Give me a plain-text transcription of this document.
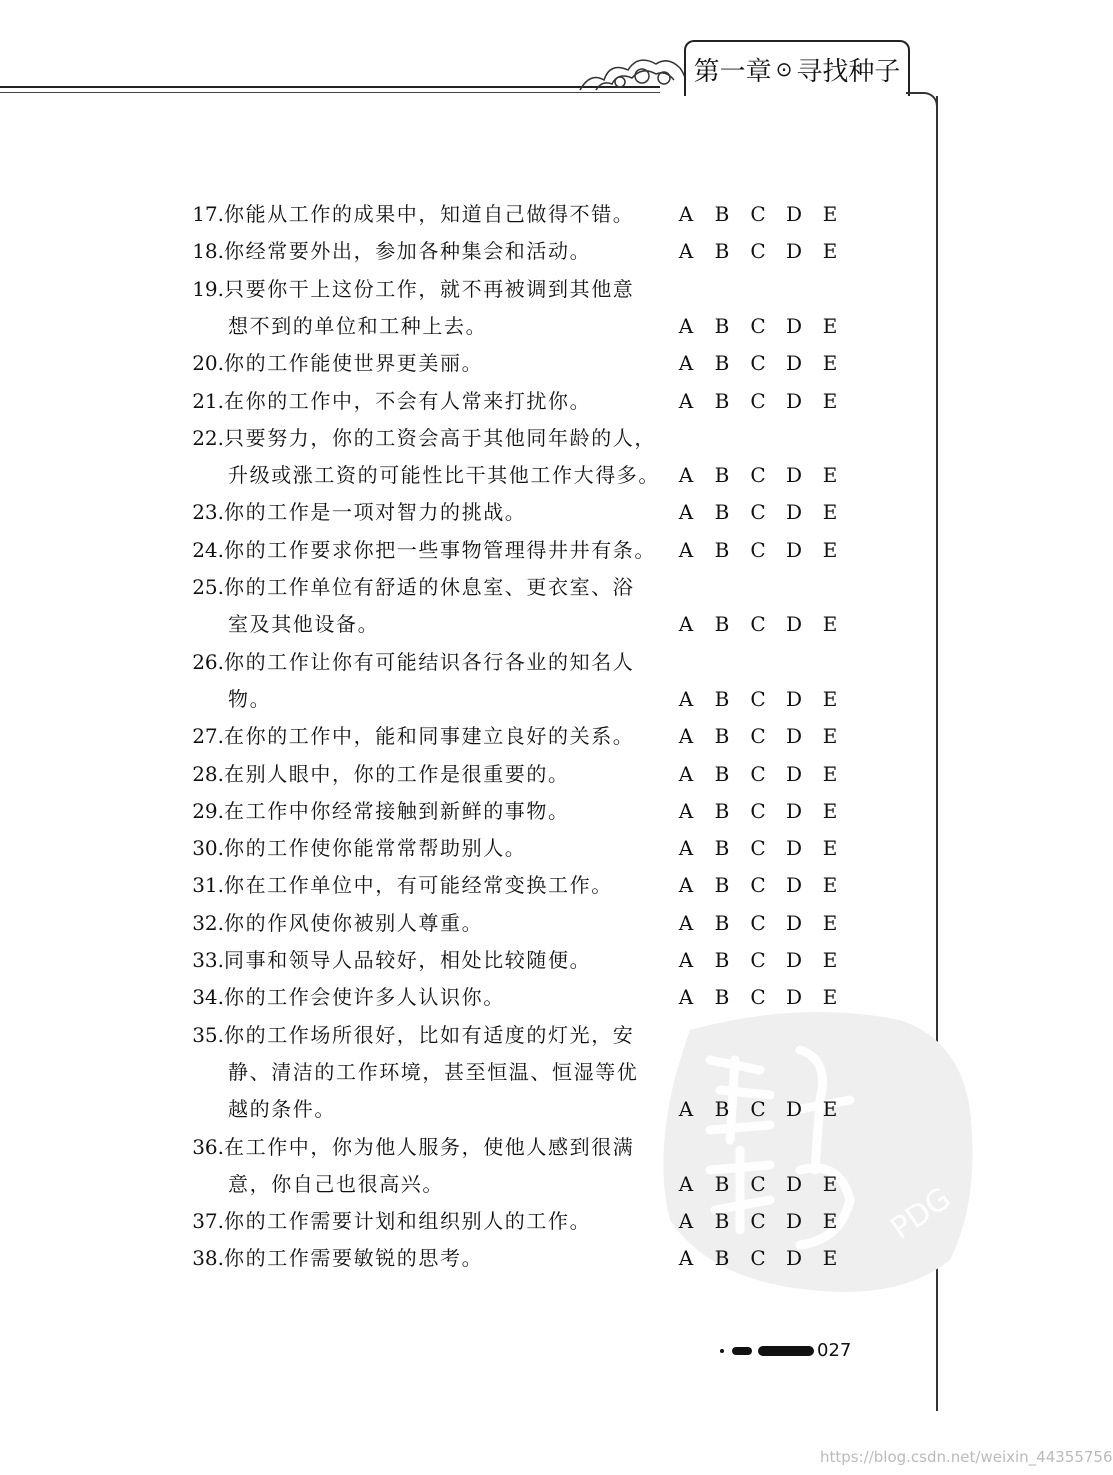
第一章 ⊙ 寻找种子
PDG
17.你能从工作的成果中，知道自己做得不错。	A	B	C	D	E
18.你经常要外出，参加各种集会和活动。	A	B	C	D	E
19.只要你干上这份工作，就不再被调到其他意
想不到的单位和工种上去。	A	B	C	D	E
20.你的工作能使世界更美丽。	A	B	C	D	E
21.在你的工作中，不会有人常来打扰你。	A	B	C	D	E
22.只要努力，你的工资会高于其他同年龄的人，
升级或涨工资的可能性比干其他工作大得多。 A	B	C	D	E
23.你的工作是一项对智力的挑战。	A	B	C	D	E
24.你的工作要求你把一些事物管理得井井有条。	A	B	C	D	E
25.你的工作单位有舒适的休息室、更衣室、浴
室及其他设备。	A	B	C	D	E
26.你的工作让你有可能结识各行各业的知名人
物。	A	B	C	D	E
27.在你的工作中，能和同事建立良好的关系。	A	B	C	D	E
28.在别人眼中，你的工作是很重要的。	A	B	C	D	E
29.在工作中你经常接触到新鲜的事物。	A	B	C	D	E
30.你的工作使你能常常帮助别人。	A	B	C	D	E
31.你在工作单位中，有可能经常变换工作。	A	B	C	D	E
32.你的作风使你被别人尊重。	A	B	C	D	E
33.同事和领导人品较好，相处比较随便。	A	B	C	D	E
34.你的工作会使许多人认识你。	A	B	C	D	E
35.你的工作场所很好，比如有适度的灯光，安
静、清洁的工作环境，甚至恒温、恒湿等优
越的条件。	A	B	C	D	E
36.在工作中，你为他人服务，使他人感到很满
意，你自己也很高兴。	A	B	C	D	E
37.你的工作需要计划和组织别人的工作。	A	B	C	D	E
38.你的工作需要敏锐的思考。	A	B	C	D	E
027
https://blog.csdn.net/weixin_44355756
